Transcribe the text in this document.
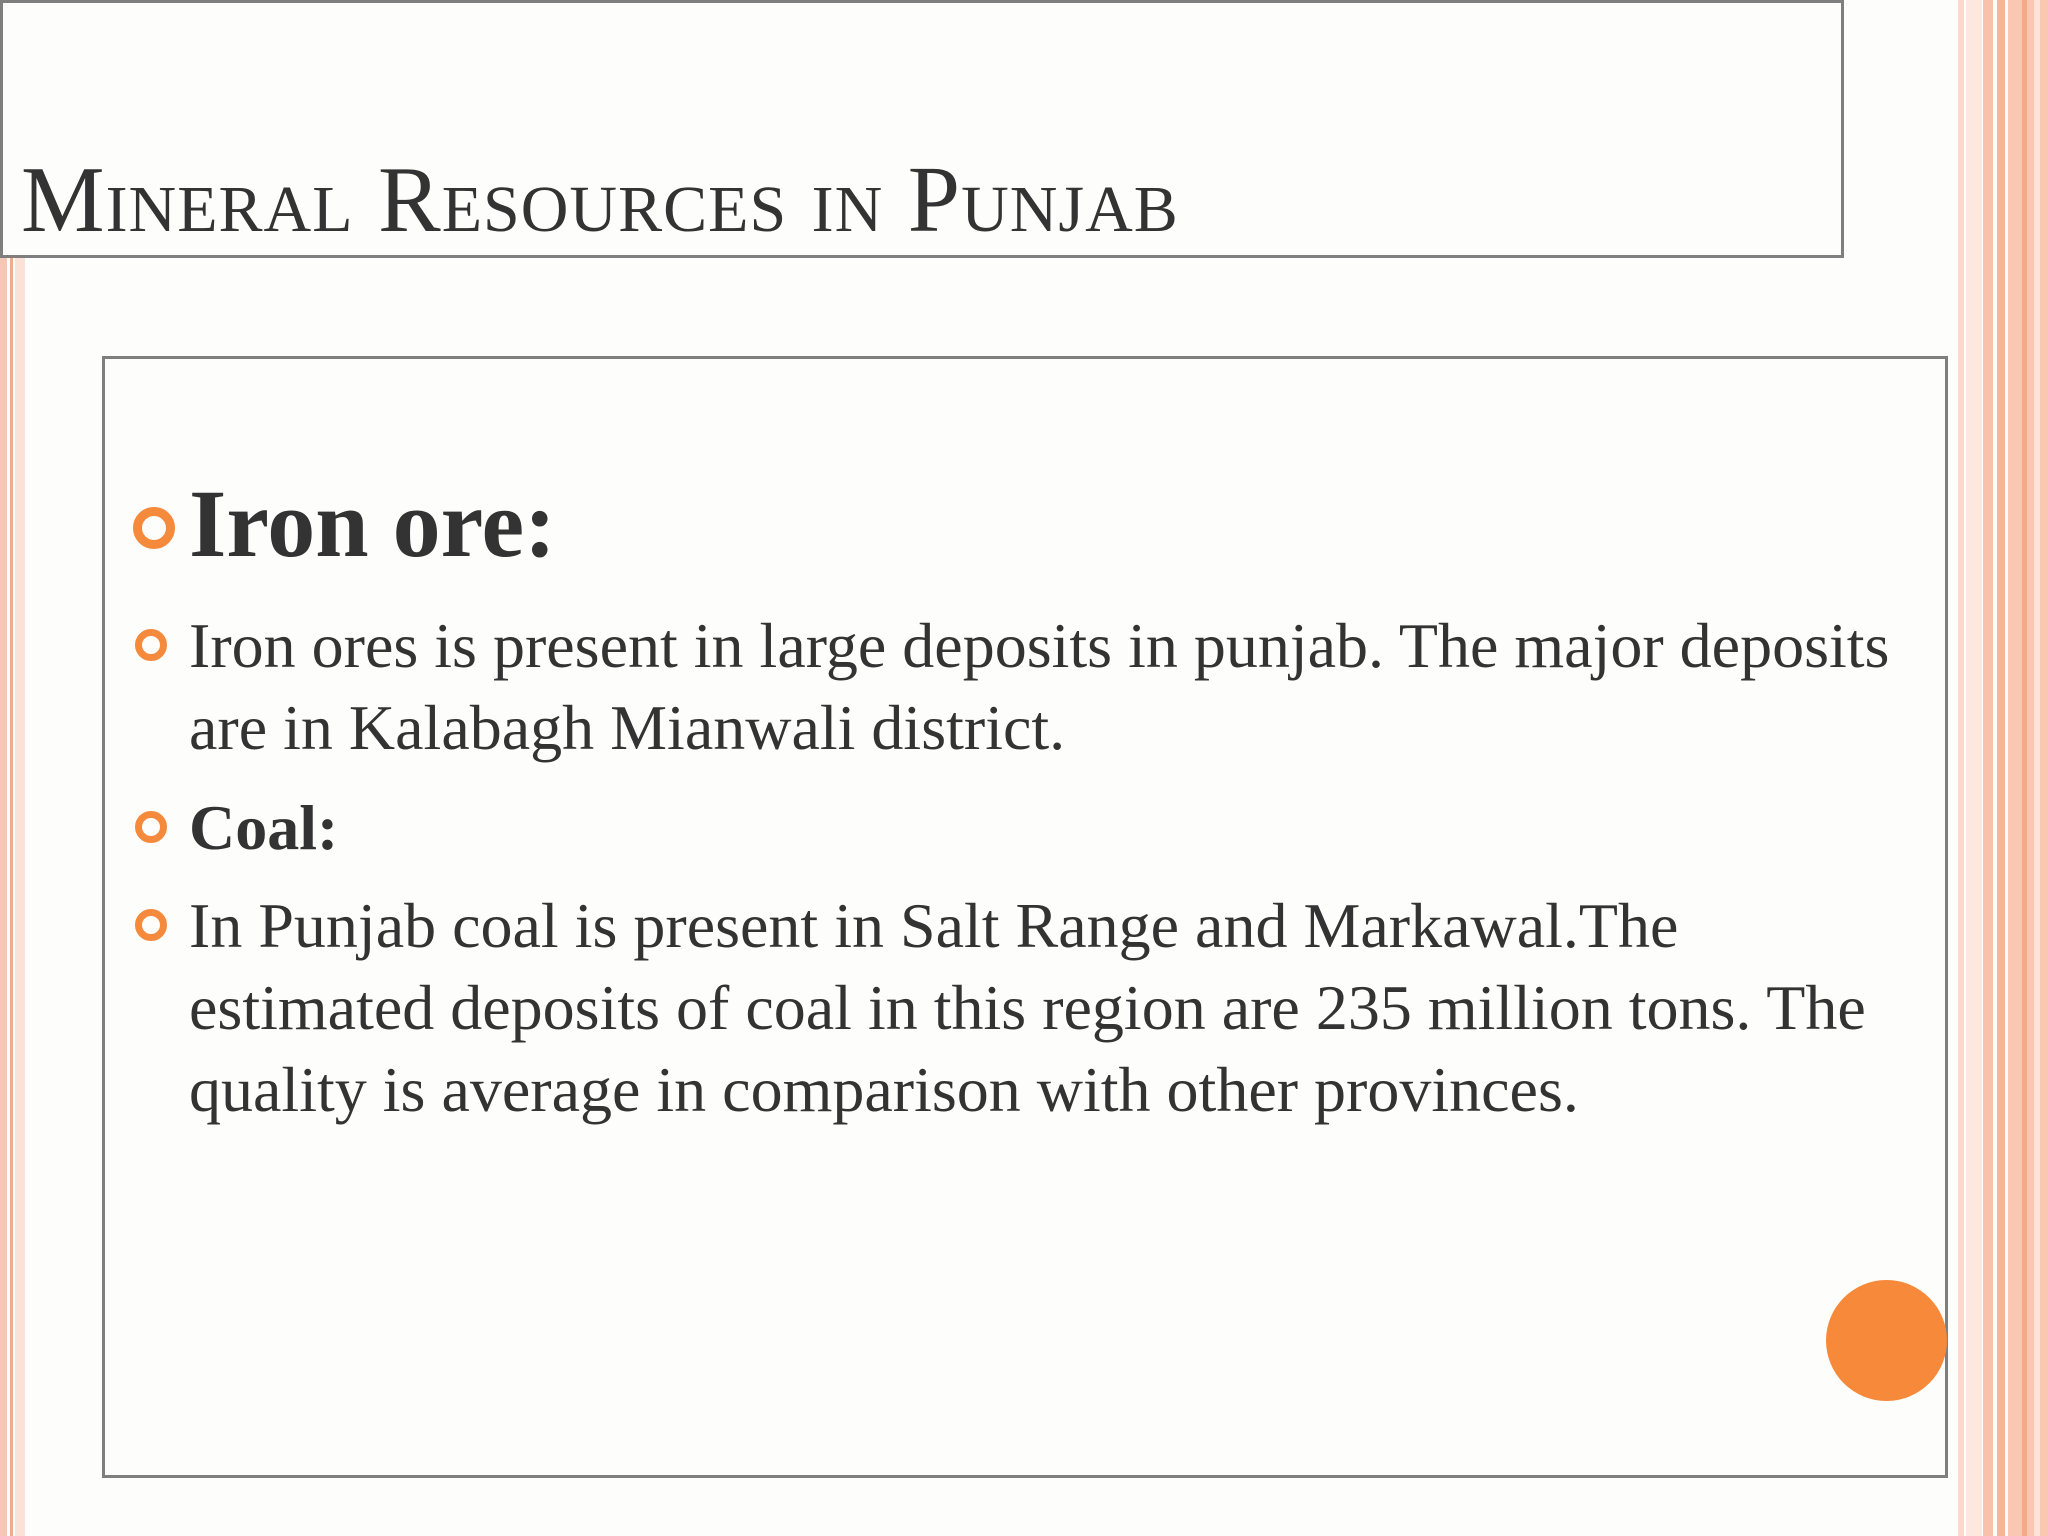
Mineral Resources in Punjab
Iron ore:
Iron ores is present in large deposits in punjab. The major deposits are in Kalabagh Mianwali district.
Coal:
In Punjab coal is present in Salt Range and Markawal.The estimated deposits of coal in this region are 235 million tons. The quality is average in comparison with other provinces.
